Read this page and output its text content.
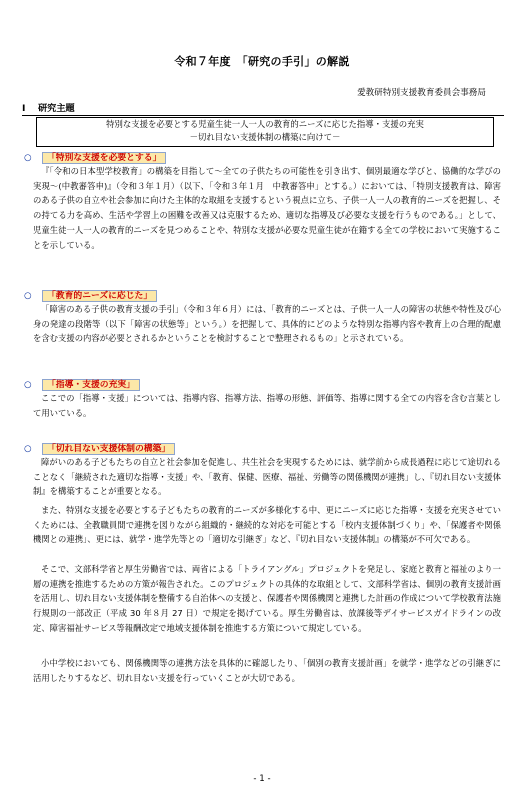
令和７年度　「研究の手引」の解説
愛教研特別支援教育委員会事務局
Ⅰ 研究主題
特別な支援を必要とする児童生徒一人一人の教育的ニーズに応じた指導・支援の充実
－切れ目ない支援体制の構築に向けて－
○ 「特別な支援を必要とする」

『「令和の日本型学校教育」の構築を目指して～全ての子供たちの可能性を引き出す、個別最適な学びと、協働的な学びの実現～(中教審答申)』（令和３年１月）（以下、「令和３年１月　中教審答申」とする。）においては、「特別支援教育は、障害のある子供の自立や社会参加に向けた主体的な取組を支援するという視点に立ち、子供一人一人の教育的ニーズを把握し、その持てる力を高め、生活や学習上の困難を改善又は克服するため、適切な指導及び必要な支援を行うものである。」として、児童生徒一人一人の教育的ニーズを見つめることや、特別な支援が必要な児童生徒が在籍する全ての学校において実施することを示している。

○ 「教育的ニーズに応じた」

「障害のある子供の教育支援の手引」（令和３年６月）には、「教育的ニーズとは、子供一人一人の障害の状態や特性及び心身の発達の段階等（以下「障害の状態等」という。）を把握して、具体的にどのような特別な指導内容や教育上の合理的配慮を含む支援の内容が必要とされるかということを検討することで整理されるもの」と示されている。

○ 「指導・支援の充実」

ここでの「指導・支援」については、指導内容、指導方法、指導の形態、評価等、指導に関する全ての内容を含む言葉として用いている。

○ 「切れ目ない支援体制の構築」

障がいのある子どもたちの自立と社会参加を促進し、共生社会を実現するためには、就学前から成長過程に応じて途切れることなく「継続された適切な指導・支援」や、「教育、保健、医療、福祉、労働等の関係機関が連携」し、『切れ目ない支援体制』を構築することが重要となる。

また、特別な支援を必要とする子どもたちの教育的ニーズが多様化する中、更にニーズに応じた指導・支援を充実させていくためには、全教職員間で連携を図りながら組織的・継続的な対応を可能とする「校内支援体制づくり」や、「保護者や関係機関との連携」、更には、就学・進学先等との「適切な引継ぎ」など、『切れ目ない支援体制』の構築が不可欠である。

そこで、文部科学省と厚生労働省では、両省による「トライアングル」プロジェクトを発足し、家庭と教育と福祉のより一層の連携を推進するための方策が報告された。このプロジェクトの具体的な取組として、文部科学省は、個別の教育支援計画を活用し、切れ目ない支援体制を整備する自治体への支援と、保護者や関係機関と連携した計画の作成について学校教育法施行規則の一部改正（平成 30 年８月 27 日）で規定を掲げている。厚生労働省は、放課後等デイサービスガイドラインの改定、障害福祉サービス等報酬改定で地域支援体制を推進する方策について規定している。

小中学校においても、関係機関等の連携方法を具体的に確認したり、「個別の教育支援計画」を就学・進学などの引継ぎに活用したりするなど、切れ目ない支援を行っていくことが大切である。

- 1 -
